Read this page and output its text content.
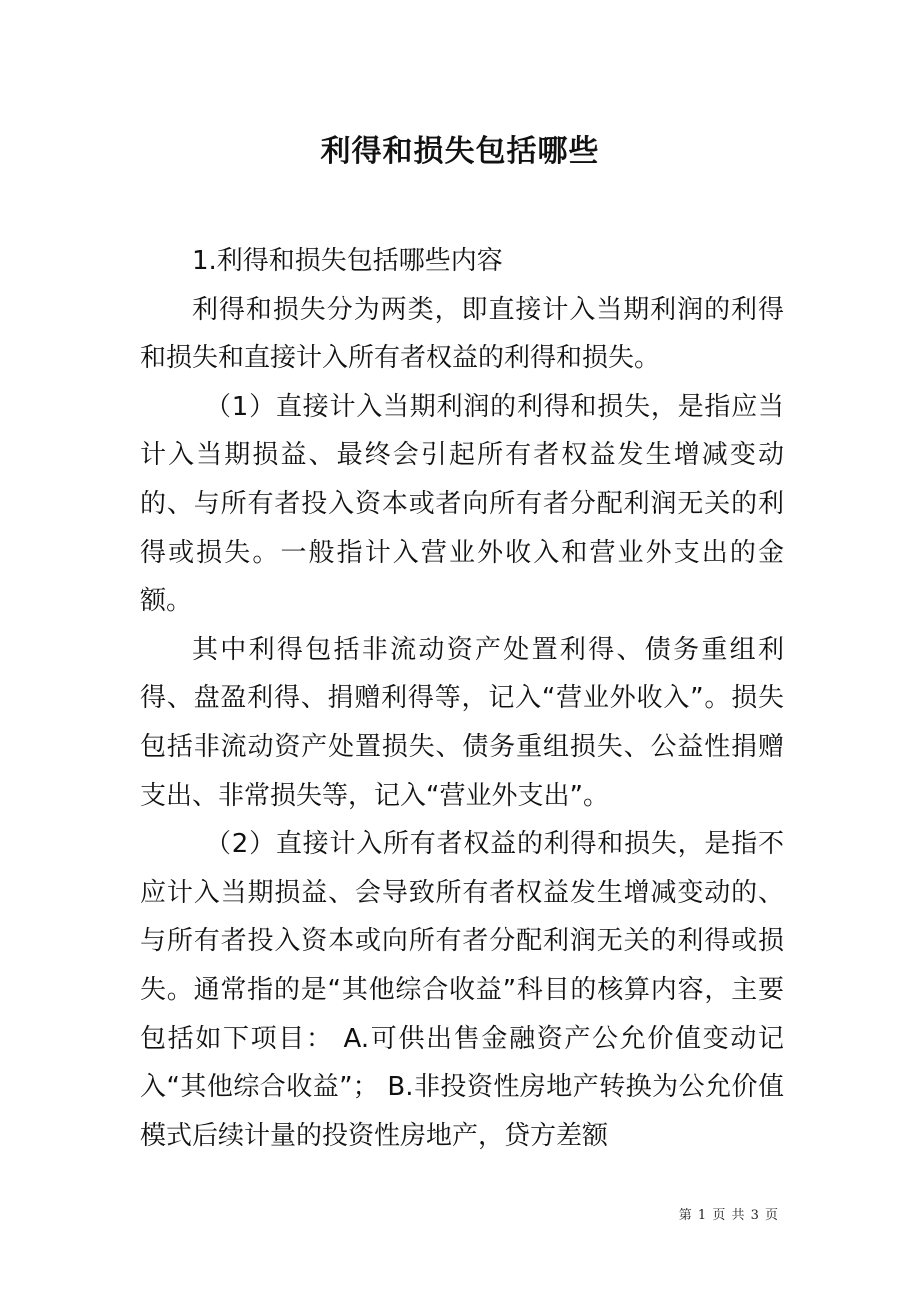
利得和损失包括哪些

1.利得和损失包括哪些内容

利得和损失分为两类，即直接计入当期利润的利得和损失和直接计入所有者权益的利得和损失。

（1）直接计入当期利润的利得和损失，是指应当计入当期损益、最终会引起所有者权益发生增减变动的、与所有者投入资本或者向所有者分配利润无关的利得或损失。一般指计入营业外收入和营业外支出的金额。

其中利得包括非流动资产处置利得、债务重组利得、盘盈利得、捐赠利得等，记入“营业外收入”。损失包括非流动资产处置损失、债务重组损失、公益性捐赠支出、非常损失等，记入“营业外支出”。

（2）直接计入所有者权益的利得和损失，是指不应计入当期损益、会导致所有者权益发生增减变动的、与所有者投入资本或向所有者分配利润无关的利得或损失。通常指的是“其他综合收益”科目的核算内容，主要包括如下项目： A.可供出售金融资产公允价值变动记入“其他综合收益”； B.非投资性房地产转换为公允价值模式后续计量的投资性房地产，贷方差额

第 1 页 共 3 页
